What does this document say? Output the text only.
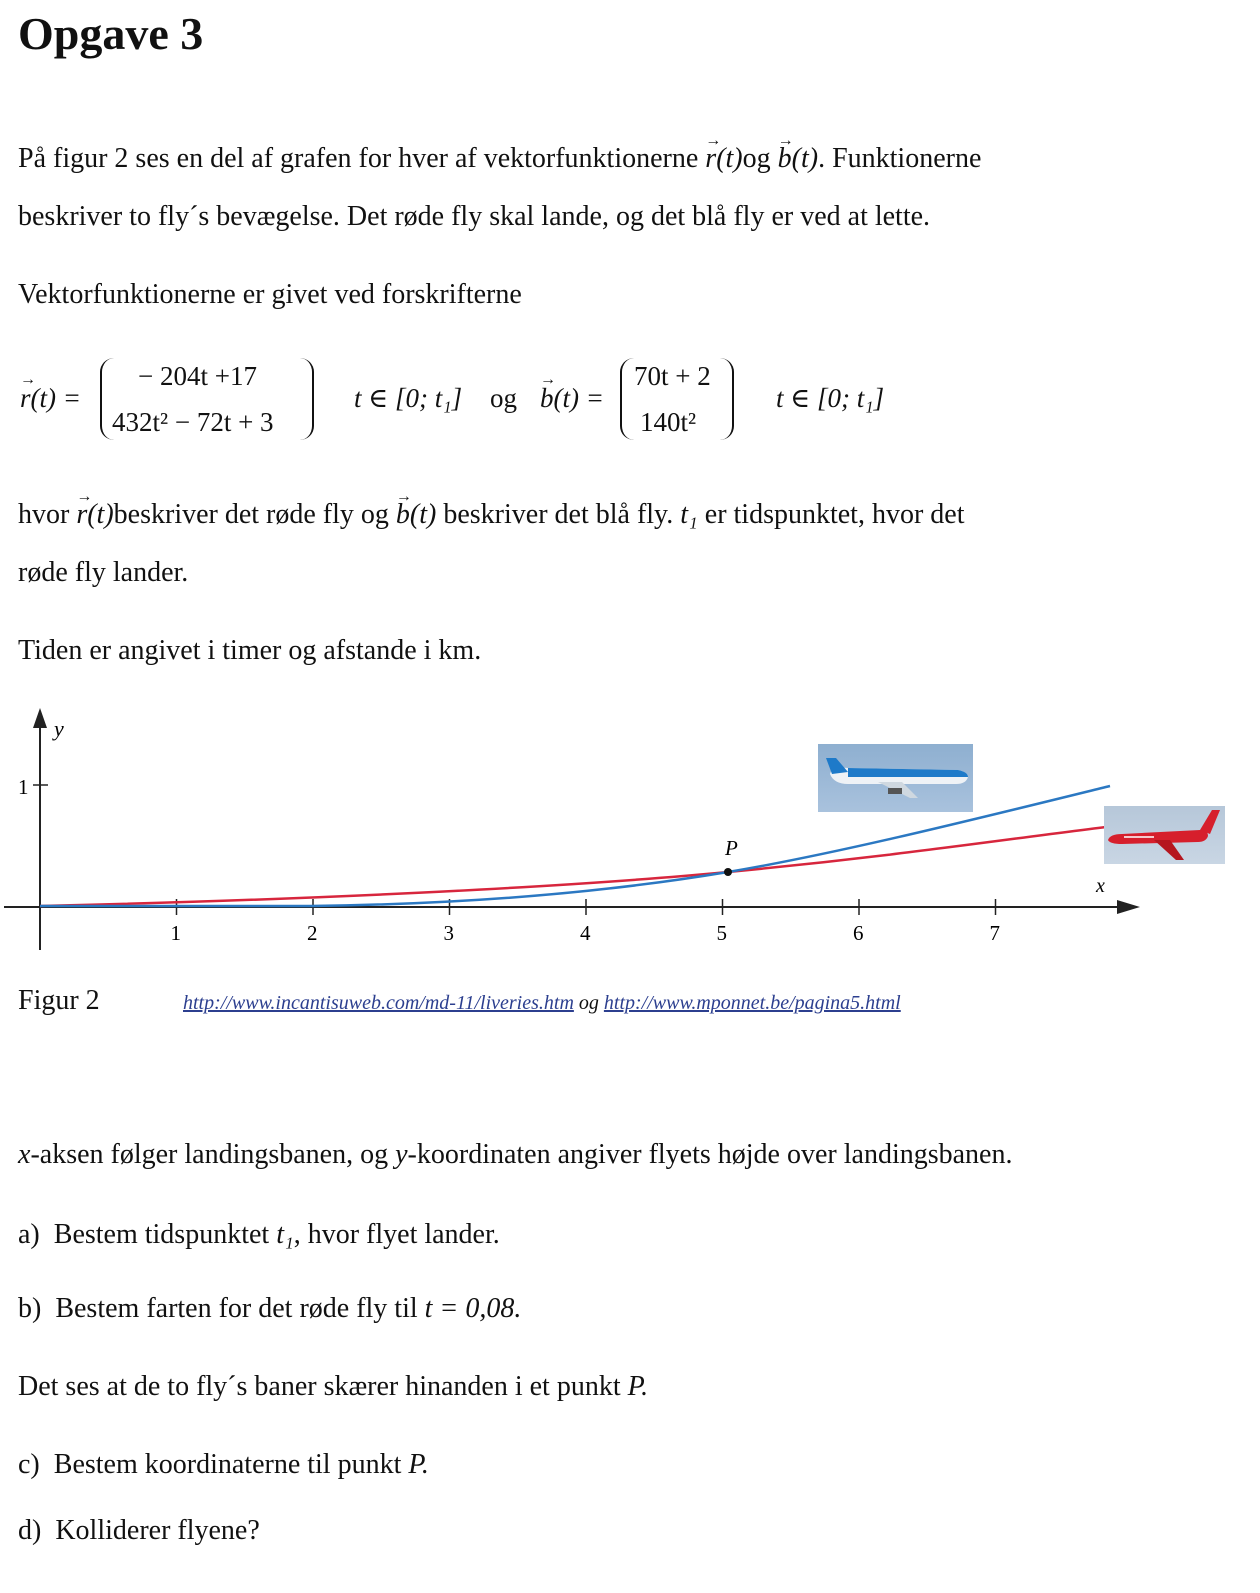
Opgave 3
På figur 2 ses en del af grafen for hver af vektorfunktionerne → r(t)og → b(t). Funktionerne
beskriver to fly´s bevægelse. Det røde fly skal lande, og det blå fly er ved at lette.
Vektorfunktionerne er givet ved forskrifterne
→ r(t) =
− 204t +17
432t² − 72t + 3
t ∈ [0; t₁] og → b(t) =
70t + 2
140t²
t ∈ [0; t₁]
hvor → r(t)beskriver det røde fly og → b(t) beskriver det blå fly. t₁ er tidspunktet, hvor det
røde fly lander.
Tiden er angivet i timer og afstande i km.
1
y
x
1	2	3	4	5	6	7
P
Figur 2	http://www.incantisuweb.com/md-11/liveries.htm og http://www.mponnet.be/pagina5.html
x-aksen følger landingsbanen, og y-koordinaten angiver flyets højde over landingsbanen.
a) Bestem tidspunktet t₁, hvor flyet lander.
b) Bestem farten for det røde fly til t = 0,08.
Det ses at de to fly´s baner skærer hinanden i et punkt P.
c) Bestem koordinaterne til punkt P.
d) Kolliderer flyene?
